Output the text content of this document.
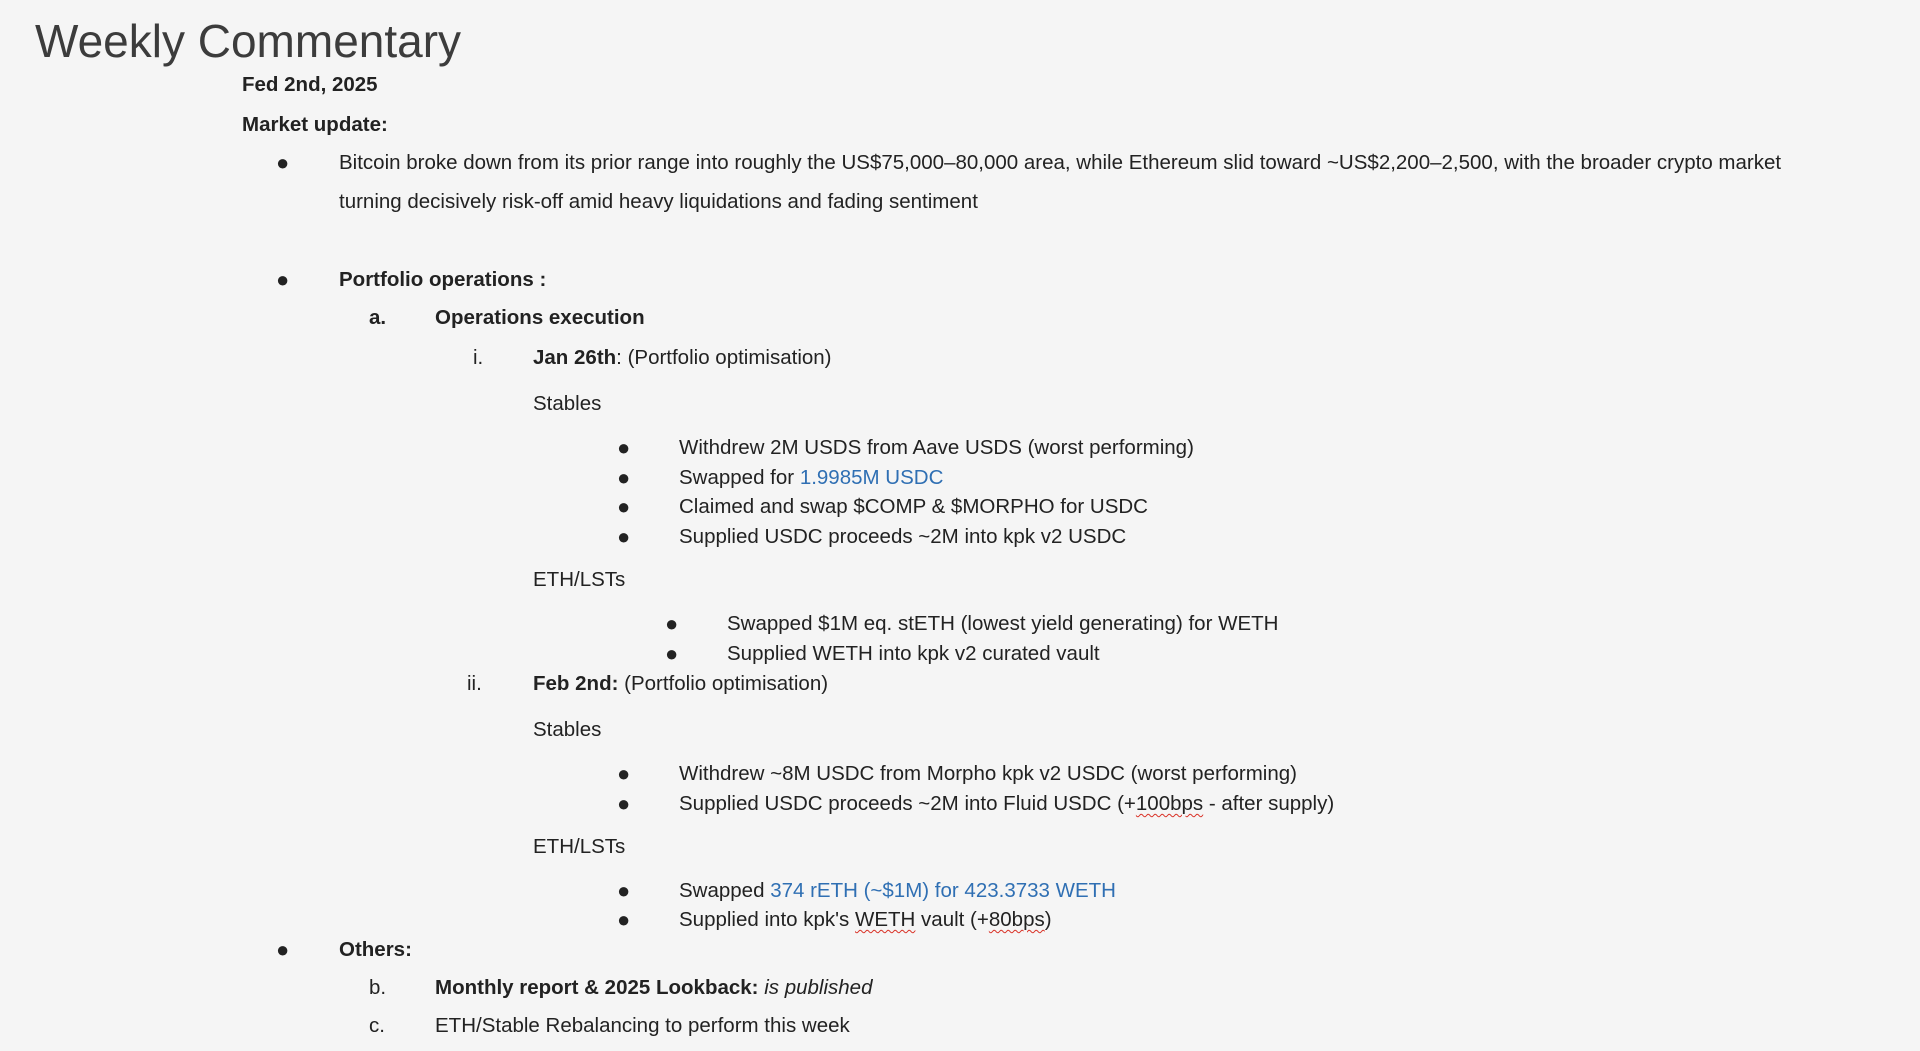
Weekly Commentary
Fed 2nd, 2025
Market update:
● Bitcoin broke down from its prior range into roughly the US$75,000–80,000 area, while Ethereum slid toward ~US$2,200–2,500, with the broader crypto market
turning decisively risk-off amid heavy liquidations and fading sentiment
● Portfolio operations :
a. Operations execution
i. Jan 26th: (Portfolio optimisation)
Stables
● Withdrew 2M USDS from Aave USDS (worst performing)
● Swapped for 1.9985M USDC
● Claimed and swap $COMP & $MORPHO for USDC
● Supplied USDC proceeds ~2M into kpk v2 USDC
ETH/LSTs
● Swapped $1M eq. stETH (lowest yield generating) for WETH
● Supplied WETH into kpk v2 curated vault
ii. Feb 2nd: (Portfolio optimisation)
Stables
● Withdrew ~8M USDC from Morpho kpk v2 USDC (worst performing)
● Supplied USDC proceeds ~2M into Fluid USDC (+100bps - after supply)
ETH/LSTs
● Swapped 374 rETH (~$1M) for 423.3733 WETH
● Supplied into kpk's WETH vault (+80bps)
● Others:
b. Monthly report & 2025 Lookback: is published
c. ETH/Stable Rebalancing to perform this week
